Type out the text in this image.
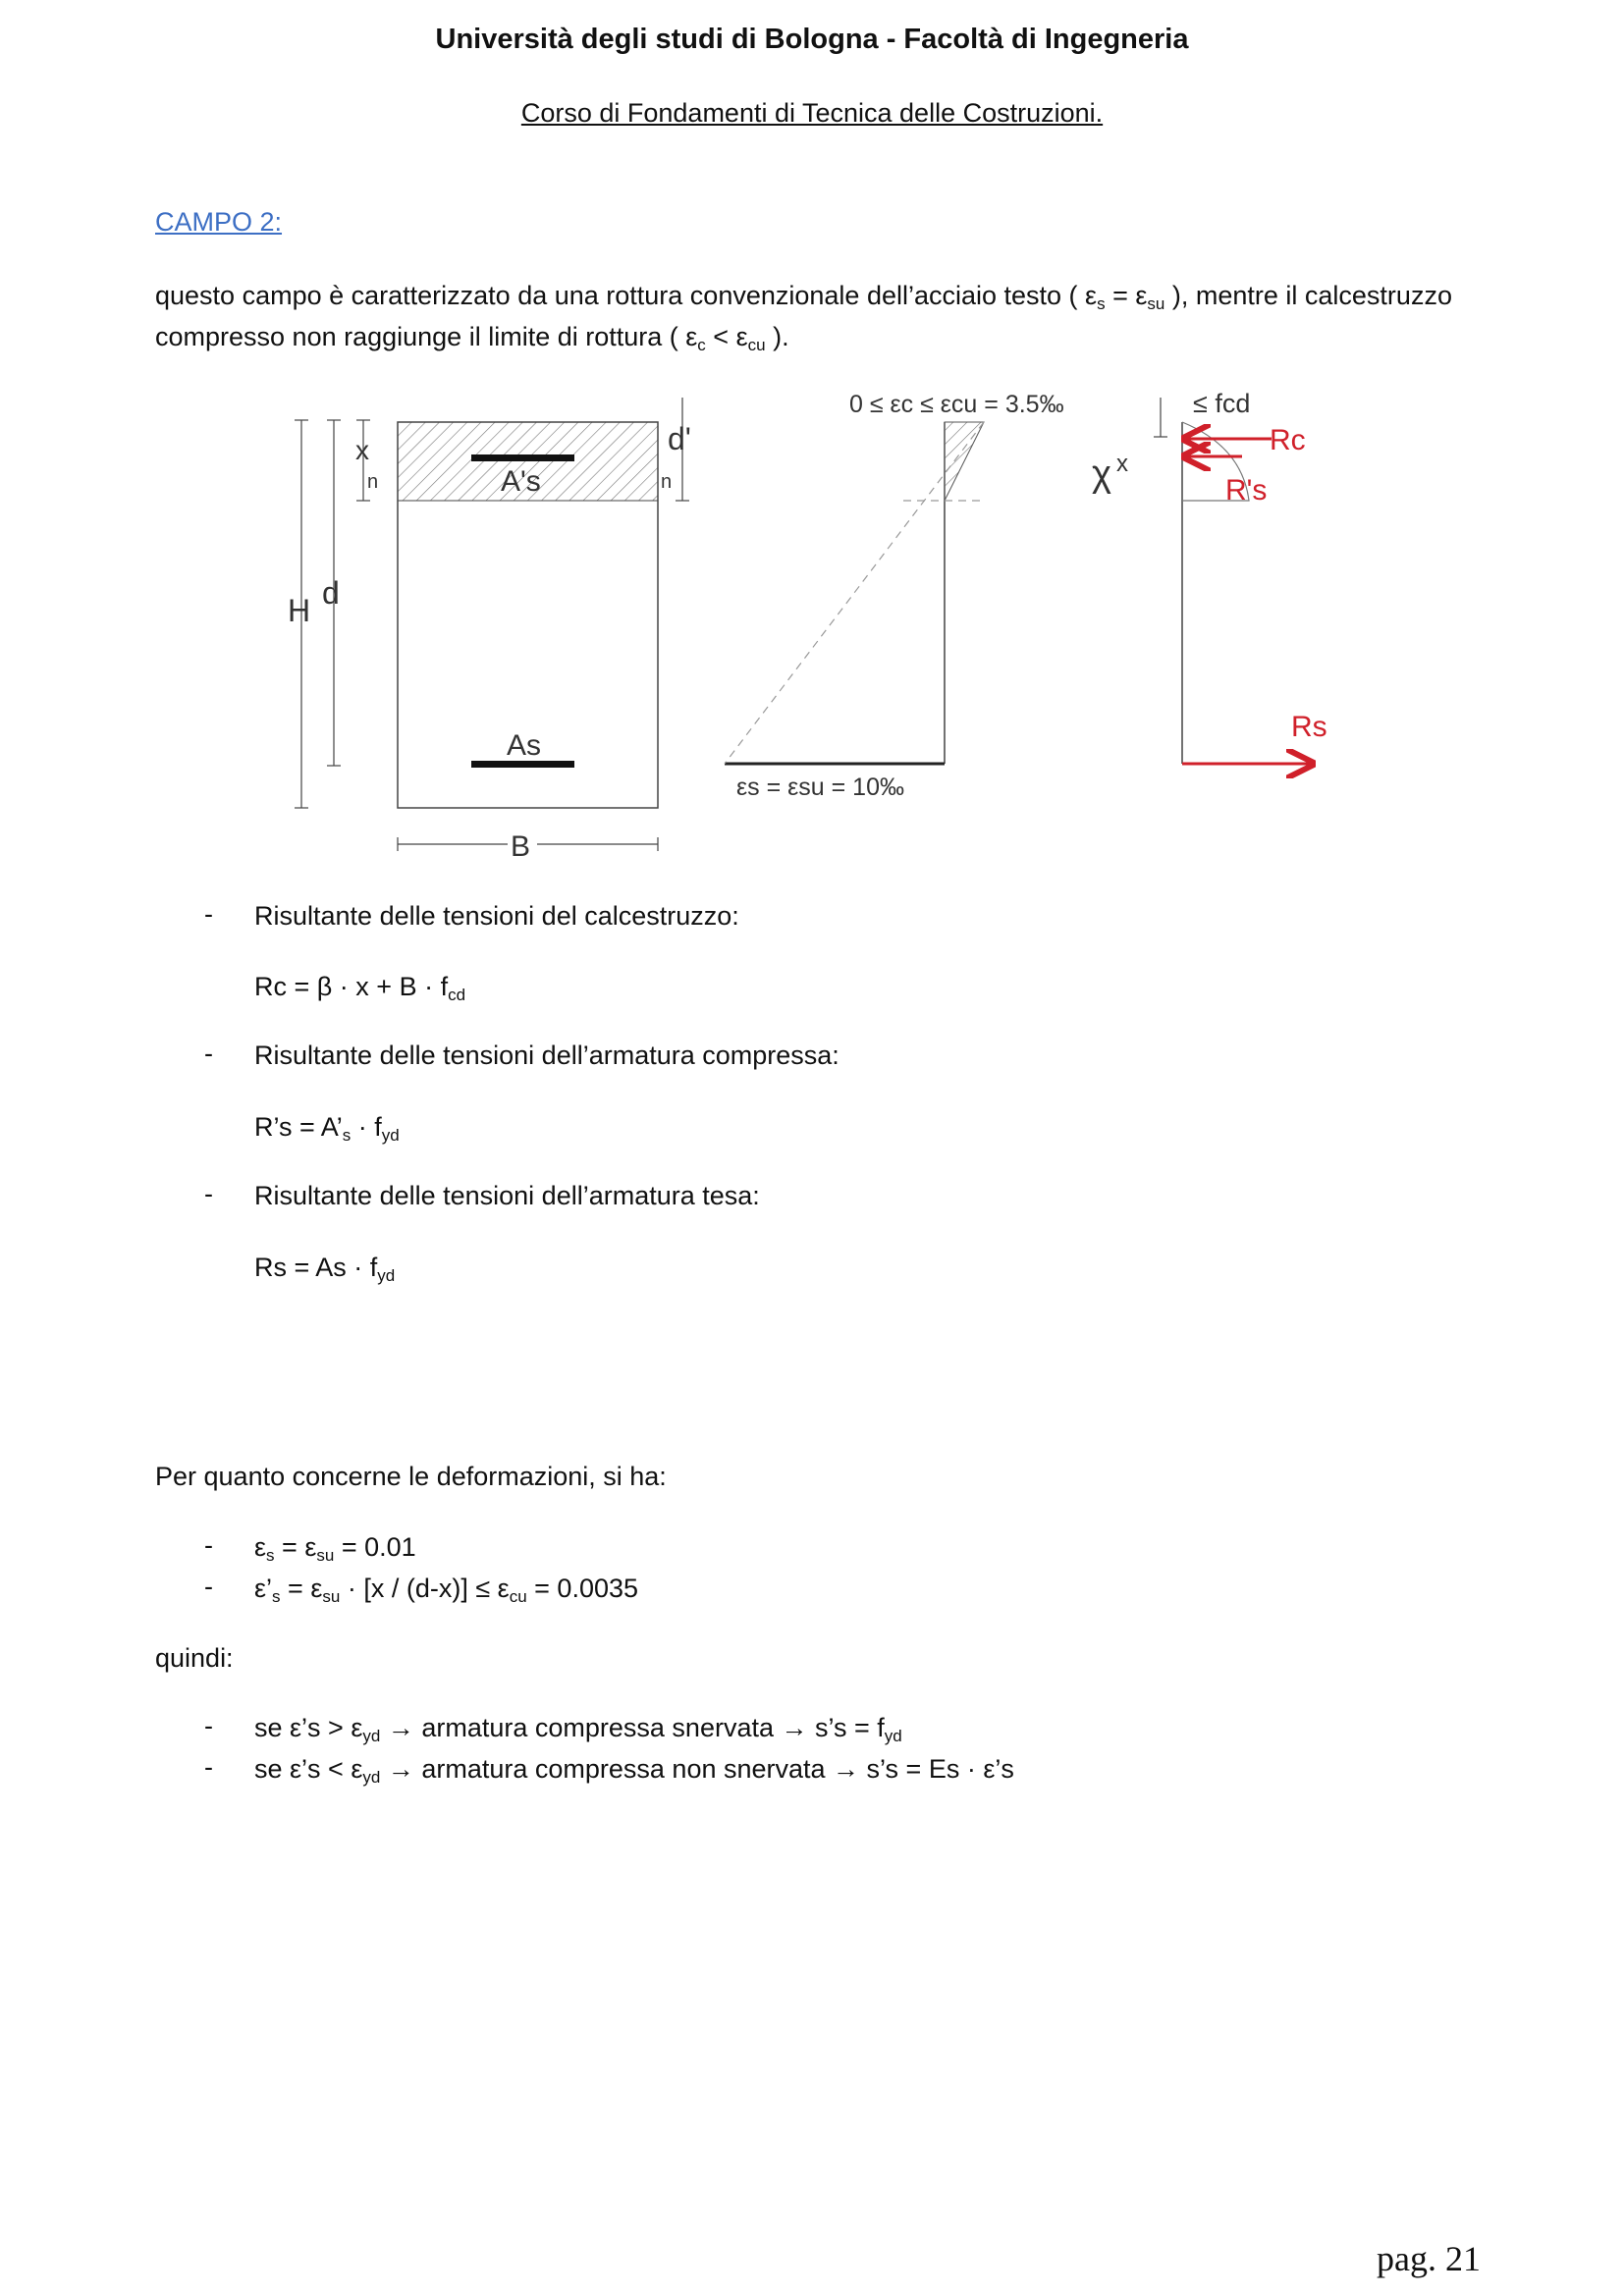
Università degli studi di Bologna - Facoltà di Ingegneria
Corso di Fondamenti di Tecnica delle Costruzioni.
CAMPO 2:
questo campo è caratterizzato da una rottura convenzionale dell’acciaio testo ( $\varepsilon_s = \varepsilon_{su}$ ), mentre il calcestruzzo compresso non raggiunge il limite di rottura ( $\varepsilon_c < \varepsilon_{cu}$ ).
A's
As
H d
x
n
d'
n
B
0 ≤ εc ≤ εcu = 3.5‰
εs = εsu = 10‰
≤ fcd
χ x
Rc
R's
Rs
- Risultante delle tensioni del calcestruzzo:
$Rc = \beta \cdot x + B \cdot f_{cd}$
- Risultante delle tensioni dell’armatura compressa:
R’s = $A’_s \cdot f_{yd}$
- Risultante delle tensioni dell’armatura tesa:
$Rs = As \cdot f_{yd}$
Per quanto concerne le deformazioni, si ha:
- $\varepsilon_s = \varepsilon_{su} = 0.01$
- $\varepsilon’_s = \varepsilon_{su} \cdot [x / (d-x)] \le \varepsilon_{cu} = 0.0035$
quindi:
- se ε’s > $\varepsilon_{yd}$ → armatura compressa snervata → s’s = $f_{yd}$
- se ε’s < $\varepsilon_{yd}$ → armatura compressa non snervata → s’s = Es · ε’s
pag. 21
